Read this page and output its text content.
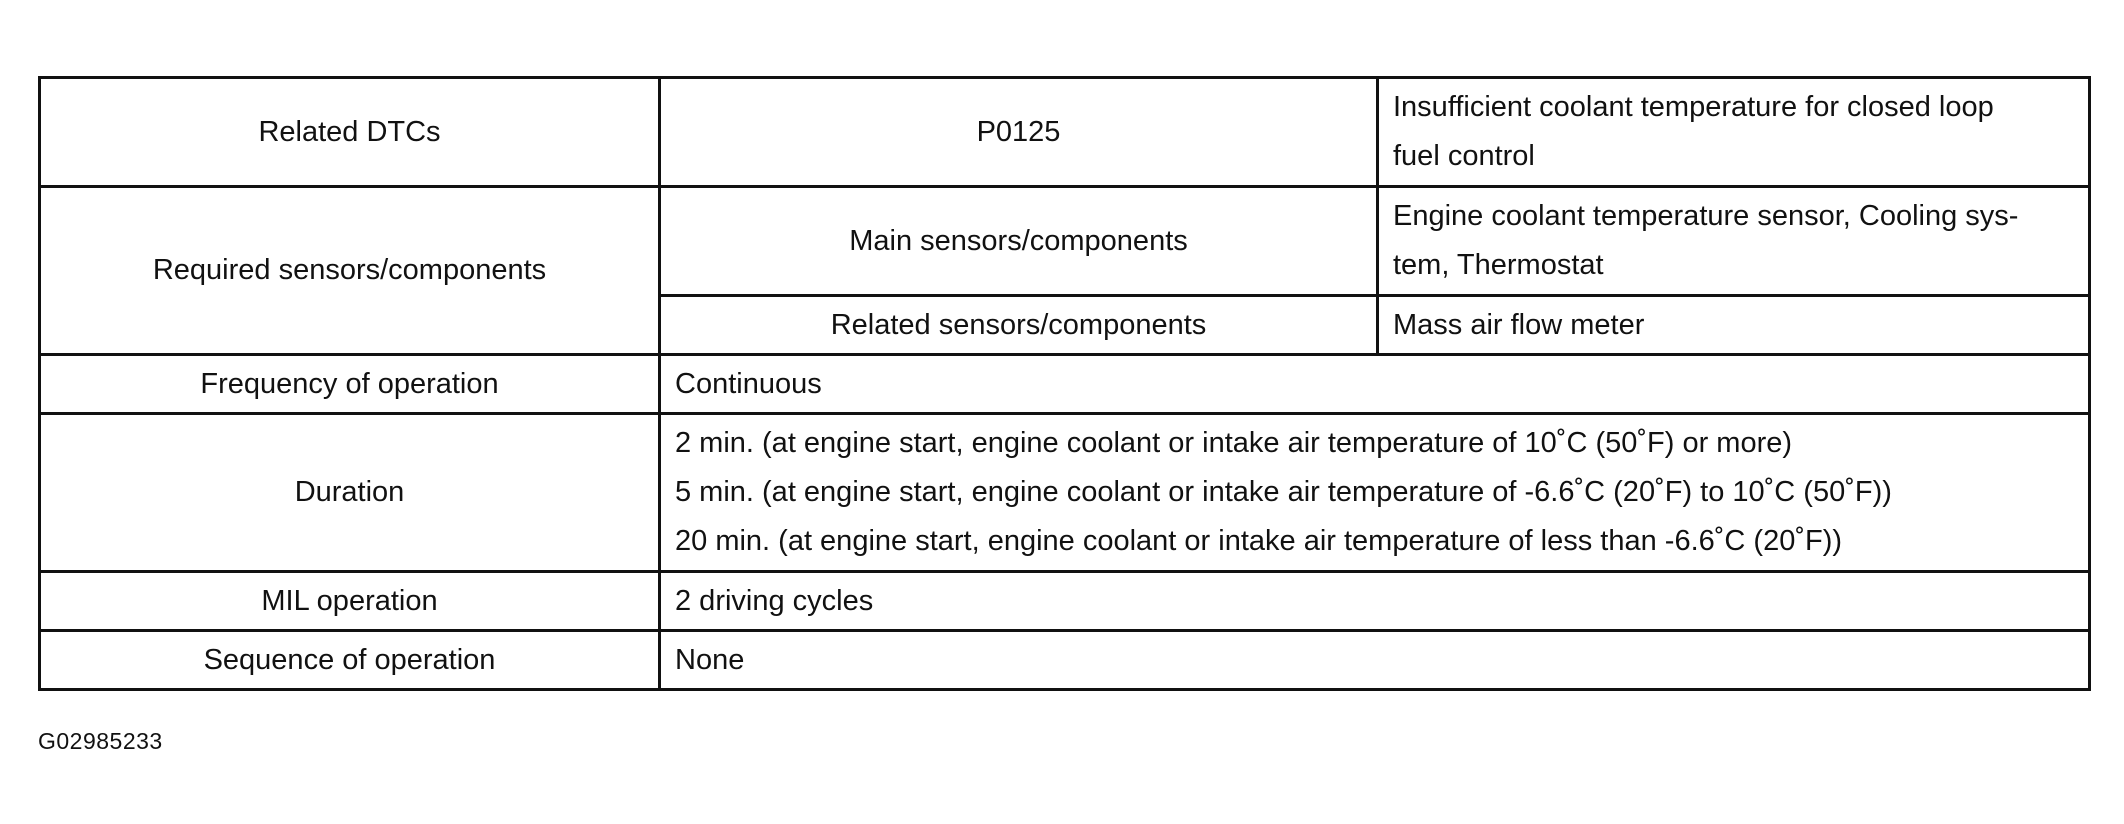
Related DTCs	P0125	Insufficient coolant temperature for closed loop
fuel control

Required sensors/components	Main sensors/components	Engine coolant temperature sensor, Cooling sys-
tem, Thermostat

	Related sensors/components	Mass air flow meter
Frequency of operation	Continuous	
Duration	2 min. (at engine start, engine coolant or intake air temperature of 10˚C (50˚F) or more)
5 min. (at engine start, engine coolant or intake air temperature of -6.6˚C (20˚F) to 10˚C (50˚F))
20 min. (at engine start, engine coolant or intake air temperature of less than -6.6˚C (20˚F))	

MIL operation	2 driving cycles	
Sequence of operation	None	
G02985233
